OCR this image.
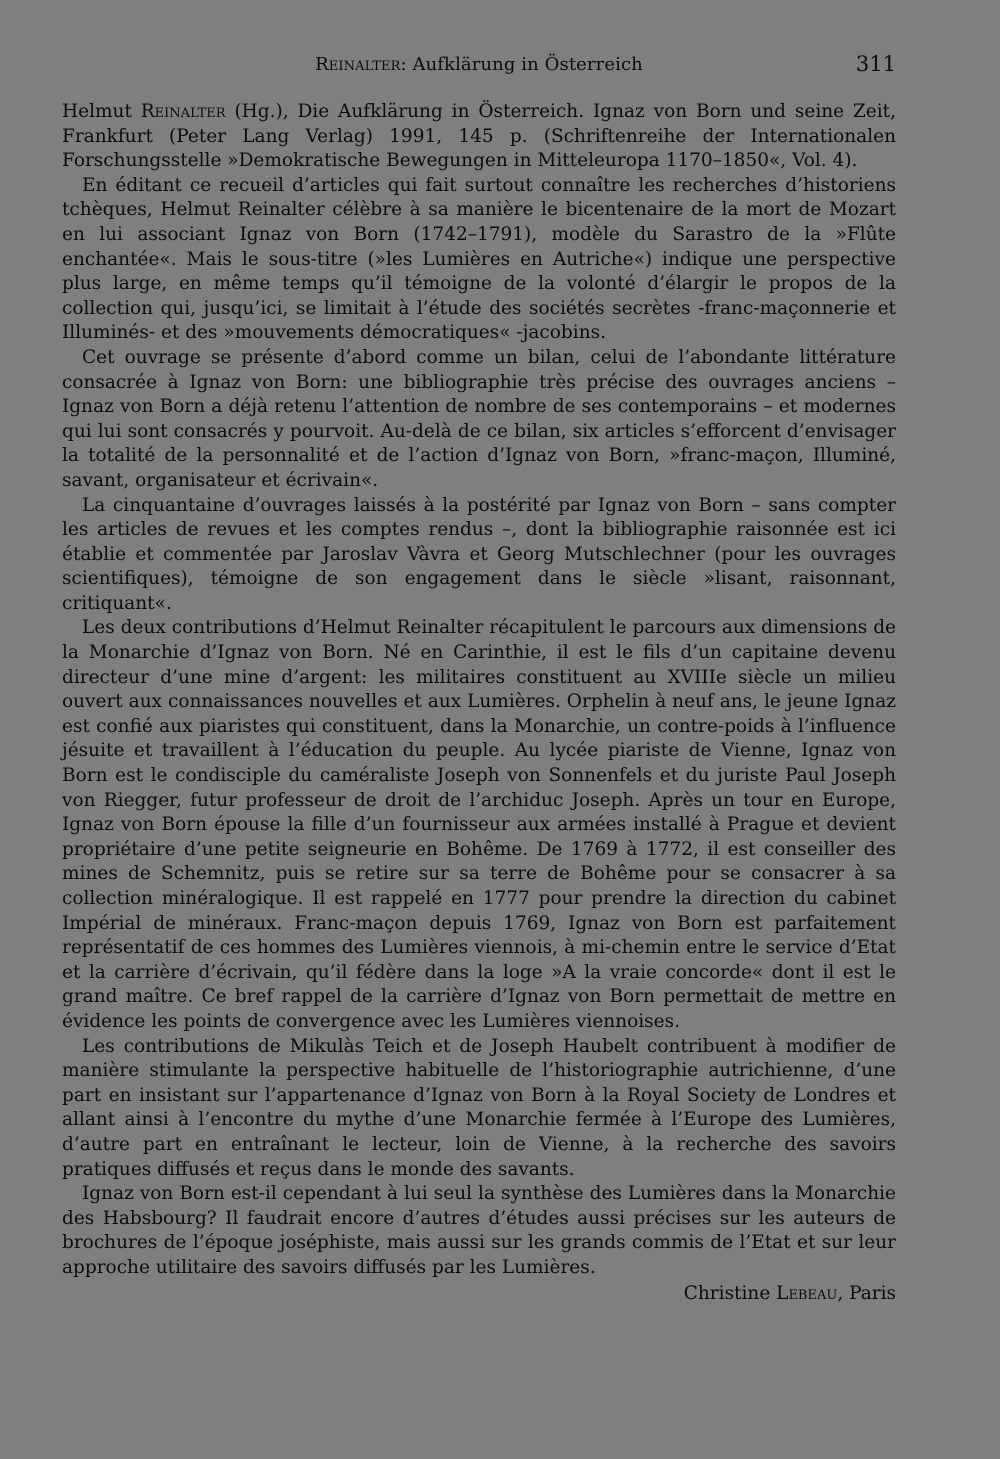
Reinalter: Aufklärung in Österreich	311

Helmut Reinalter (Hg.), Die Aufklärung in Österreich. Ignaz von Born und seine Zeit, Frankfurt (Peter Lang Verlag) 1991, 145 p. (Schriftenreihe der Internationalen Forschungsstelle »Demokratische Bewegungen in Mitteleuropa 1170–1850«, Vol. 4).

En éditant ce recueil d’articles qui fait surtout connaître les recherches d’historiens tchèques, Helmut Reinalter célèbre à sa manière le bicentenaire de la mort de Mozart en lui associant Ignaz von Born (1742–1791), modèle du Sarastro de la »Flûte enchantée«. Mais le sous-titre (»les Lumières en Autriche«) indique une perspective plus large, en même temps qu’il témoigne de la volonté d’élargir le propos de la collection qui, jusqu’ici, se limitait à l’étude des sociétés secrètes -franc-maçonnerie et Illuminés- et des »mouvements démocratiques« -jacobins.

Cet ouvrage se présente d’abord comme un bilan, celui de l’abondante littérature consacrée à Ignaz von Born: une bibliographie très précise des ouvrages anciens – Ignaz von Born a déjà retenu l’attention de nombre de ses contemporains – et modernes qui lui sont consacrés y pourvoit. Au-delà de ce bilan, six articles s’efforcent d’envisager la totalité de la personnalité et de l’action d’Ignaz von Born, »franc-maçon, Illuminé, savant, organisateur et écrivain«.

La cinquantaine d’ouvrages laissés à la postérité par Ignaz von Born – sans compter les articles de revues et les comptes rendus –, dont la bibliographie raisonnée est ici établie et commentée par Jaroslav Vàvra et Georg Mutschlechner (pour les ouvrages scientifiques), témoigne de son engagement dans le siècle »lisant, raisonnant, critiquant«.

Les deux contributions d’Helmut Reinalter récapitulent le parcours aux dimensions de la Monarchie d’Ignaz von Born. Né en Carinthie, il est le fils d’un capitaine devenu directeur d’une mine d’argent: les militaires constituent au XVIIIe siècle un milieu ouvert aux connaissances nouvelles et aux Lumières. Orphelin à neuf ans, le jeune Ignaz est confié aux piaristes qui constituent, dans la Monarchie, un contre-poids à l’influence jésuite et travaillent à l’éducation du peuple. Au lycée piariste de Vienne, Ignaz von Born est le condisciple du caméraliste Joseph von Sonnenfels et du juriste Paul Joseph von Riegger, futur professeur de droit de l’archiduc Joseph. Après un tour en Europe, Ignaz von Born épouse la fille d’un fournisseur aux armées installé à Prague et devient propriétaire d’une petite seigneurie en Bohême. De 1769 à 1772, il est conseiller des mines de Schemnitz, puis se retire sur sa terre de Bohême pour se consacrer à sa collection minéralogique. Il est rappelé en 1777 pour prendre la direction du cabinet Impérial de minéraux. Franc-maçon depuis 1769, Ignaz von Born est parfaitement représentatif de ces hommes des Lumières viennois, à mi-chemin entre le service d’Etat et la carrière d’écrivain, qu’il fédère dans la loge »A la vraie concorde« dont il est le grand maître. Ce bref rappel de la carrière d’Ignaz von Born permettait de mettre en évidence les points de convergence avec les Lumières viennoises.

Les contributions de Mikulàs Teich et de Joseph Haubelt contribuent à modifier de manière stimulante la perspective habituelle de l’historiographie autrichienne, d’une part en insistant sur l’appartenance d’Ignaz von Born à la Royal Society de Londres et allant ainsi à l’encontre du mythe d’une Monarchie fermée à l’Europe des Lumières, d’autre part en entraînant le lecteur, loin de Vienne, à la recherche des savoirs pratiques diffusés et reçus dans le monde des savants.

Ignaz von Born est-il cependant à lui seul la synthèse des Lumières dans la Monarchie des Habsbourg? Il faudrait encore d’autres d’études aussi précises sur les auteurs de brochures de l’époque joséphiste, mais aussi sur les grands commis de l’Etat et sur leur approche utilitaire des savoirs diffusés par les Lumières.

Christine Lebeau, Paris
